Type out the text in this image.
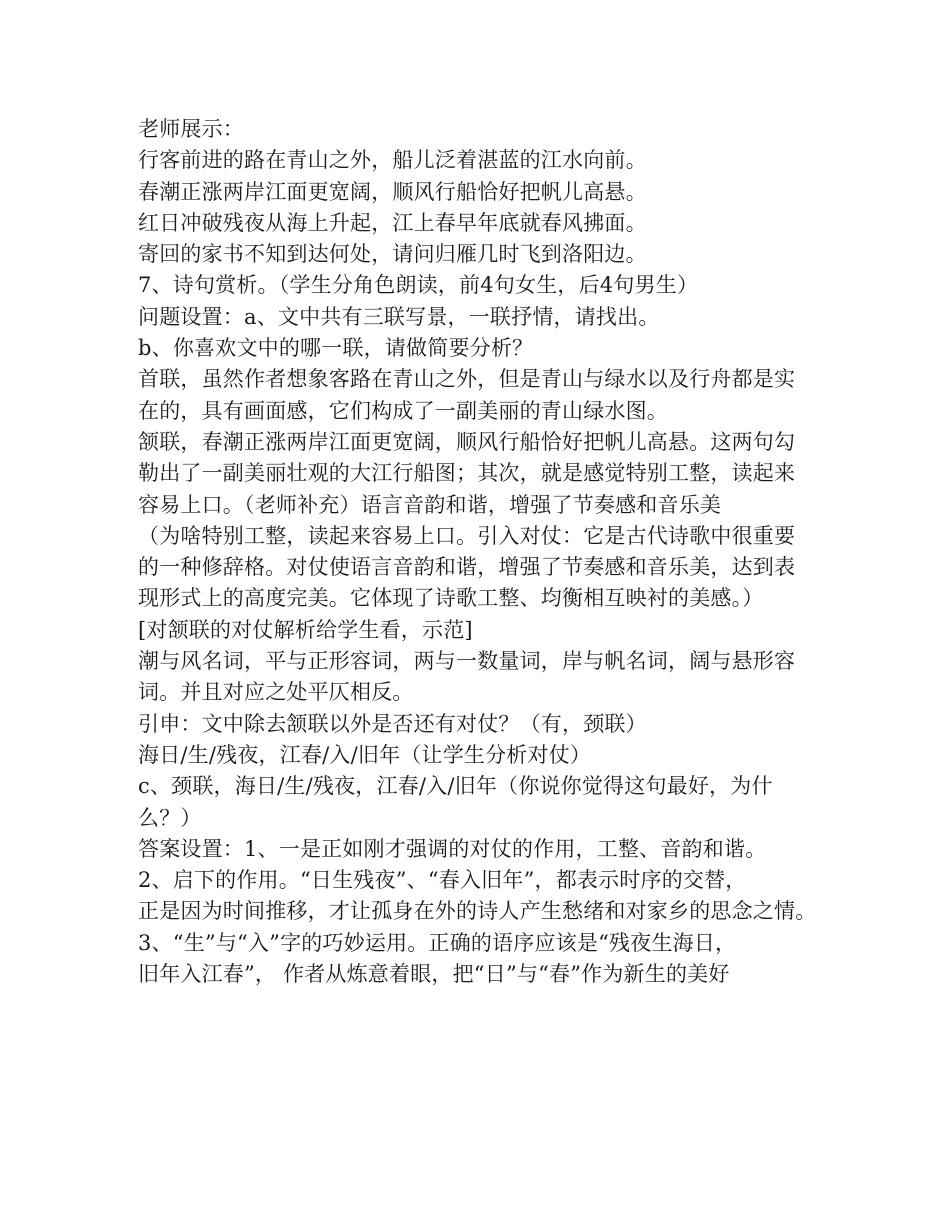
老师展示：
行客前进的路在青山之外，船儿泛着湛蓝的江水向前。
春潮正涨两岸江面更宽阔，顺风行船恰好把帆儿高悬。
红日冲破残夜从海上升起，江上春早年底就春风拂面。
寄回的家书不知到达何处，请问归雁几时飞到洛阳边。
7、诗句赏析。（学生分角色朗读，前4句女生，后4句男生）
问题设置：a、文中共有三联写景，一联抒情，请找出。
b、你喜欢文中的哪一联，请做简要分析？
首联，虽然作者想象客路在青山之外，但是青山与绿水以及行舟都是实
在的，具有画面感，它们构成了一副美丽的青山绿水图。
颔联，春潮正涨两岸江面更宽阔，顺风行船恰好把帆儿高悬。这两句勾
勒出了一副美丽壮观的大江行船图；其次，就是感觉特别工整，读起来
容易上口。（老师补充）语言音韵和谐，增强了节奏感和音乐美
（为啥特别工整，读起来容易上口。引入对仗：它是古代诗歌中很重要
的一种修辞格。对仗使语言音韵和谐，增强了节奏感和音乐美，达到表
现形式上的高度完美。它体现了诗歌工整、均衡相互映衬的美感。）
[对颔联的对仗解析给学生看，示范]
潮与风名词，平与正形容词，两与一数量词，岸与帆名词，阔与悬形容
词。并且对应之处平仄相反。
引申：文中除去颔联以外是否还有对仗？（有，颈联）
海日/生/残夜，江春/入/旧年（让学生分析对仗）
c、颈联，海日/生/残夜，江春/入/旧年（你说你觉得这句最好，为什
么？）
答案设置：1、一是正如刚才强调的对仗的作用，工整、音韵和谐。
2、启下的作用。“日生残夜”、“春入旧年”，都表示时序的交替，
正是因为时间推移，才让孤身在外的诗人产生愁绪和对家乡的思念之情。
3、“生”与“入”字的巧妙运用。正确的语序应该是“残夜生海日，
旧年入江春”， 作者从炼意着眼，把“日”与“春”作为新生的美好
